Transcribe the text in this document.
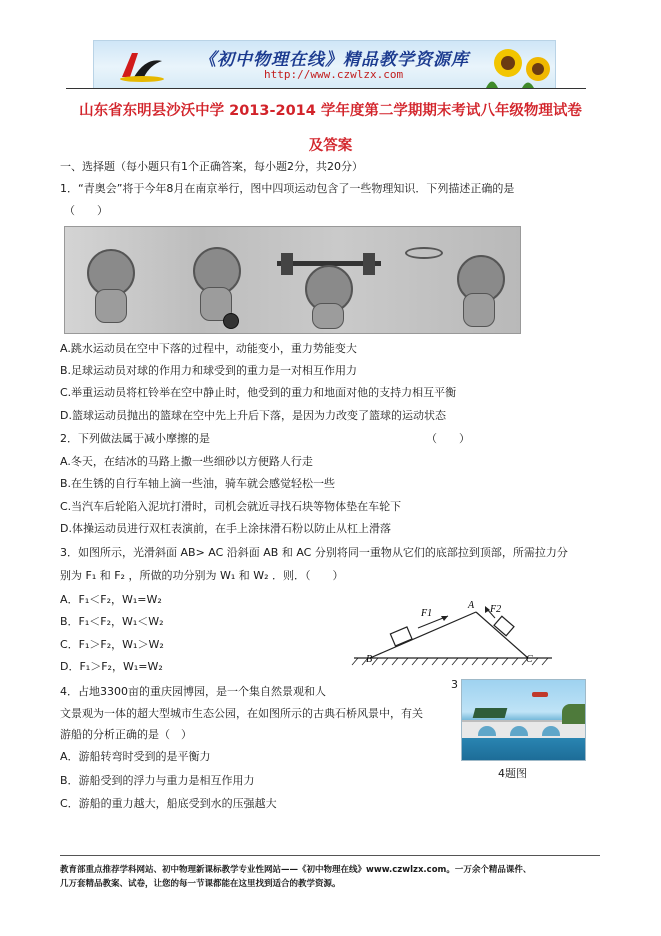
《初中物理在线》精品教学资源库
http://www.czwlzx.com
山东省东明县沙沃中学 2013-2014 学年度第二学期期末考试八年级物理试卷
及答案
一、选择题（每小题只有1个正确答案，每小题2分，共20分）
1．“青奥会”将于今年8月在南京举行，图中四项运动包含了一些物理知识．下列描述正确的是
（　　）
A.跳水运动员在空中下落的过程中，动能变小，重力势能变大
B.足球运动员对球的作用力和球受到的重力是一对相互作用力
C.举重运动员将杠铃举在空中静止时，他受到的重力和地面对他的支持力相互平衡
D.篮球运动员抛出的篮球在空中先上升后下落，是因为力改变了篮球的运动状态
2．下列做法属于减小摩擦的是	（　　）
A.冬天，在结冰的马路上撒一些细砂以方便路人行走
B.在生锈的自行车轴上滴一些油，骑车就会感觉轻松一些
C.当汽车后轮陷入泥坑打滑时，司机会就近寻找石块等物体垫在车轮下
D.体操运动员进行双杠表演前，在手上涂抹滑石粉以防止从杠上滑落
3．如图所示，光滑斜面 AB> AC 沿斜面 AB 和 AC 分别将同一重物从它们的底部拉到顶部，所需拉力分
别为 F₁ 和 F₂ ，所做的功分别为 W₁ 和 W₂ ．则．（　　）
A．F₁＜F₂，W₁=W₂
B．F₁＜F₂，W₁＜W₂
C．F₁＞F₂，W₁＞W₂
D．F₁＞F₂，W₁=W₂
F1
A F2
B	C
3
4．占地3300亩的重庆园博园，是一个集自然景观和人
文景观为一体的超大型城市生态公园，在如图所示的古典石桥风景中，有关
游船的分析正确的是（　）
A．游船转弯时受到的是平衡力
B．游船受到的浮力与重力是相互作用力
C．游船的重力越大，船底受到水的压强越大
4题图
教育部重点推荐学科网站、初中物理新课标教学专业性网站——《初中物理在线》www.czwlzx.com。一万余个精品课件、
几万套精品教案、试卷，让您的每一节课都能在这里找到适合的教学资源。
